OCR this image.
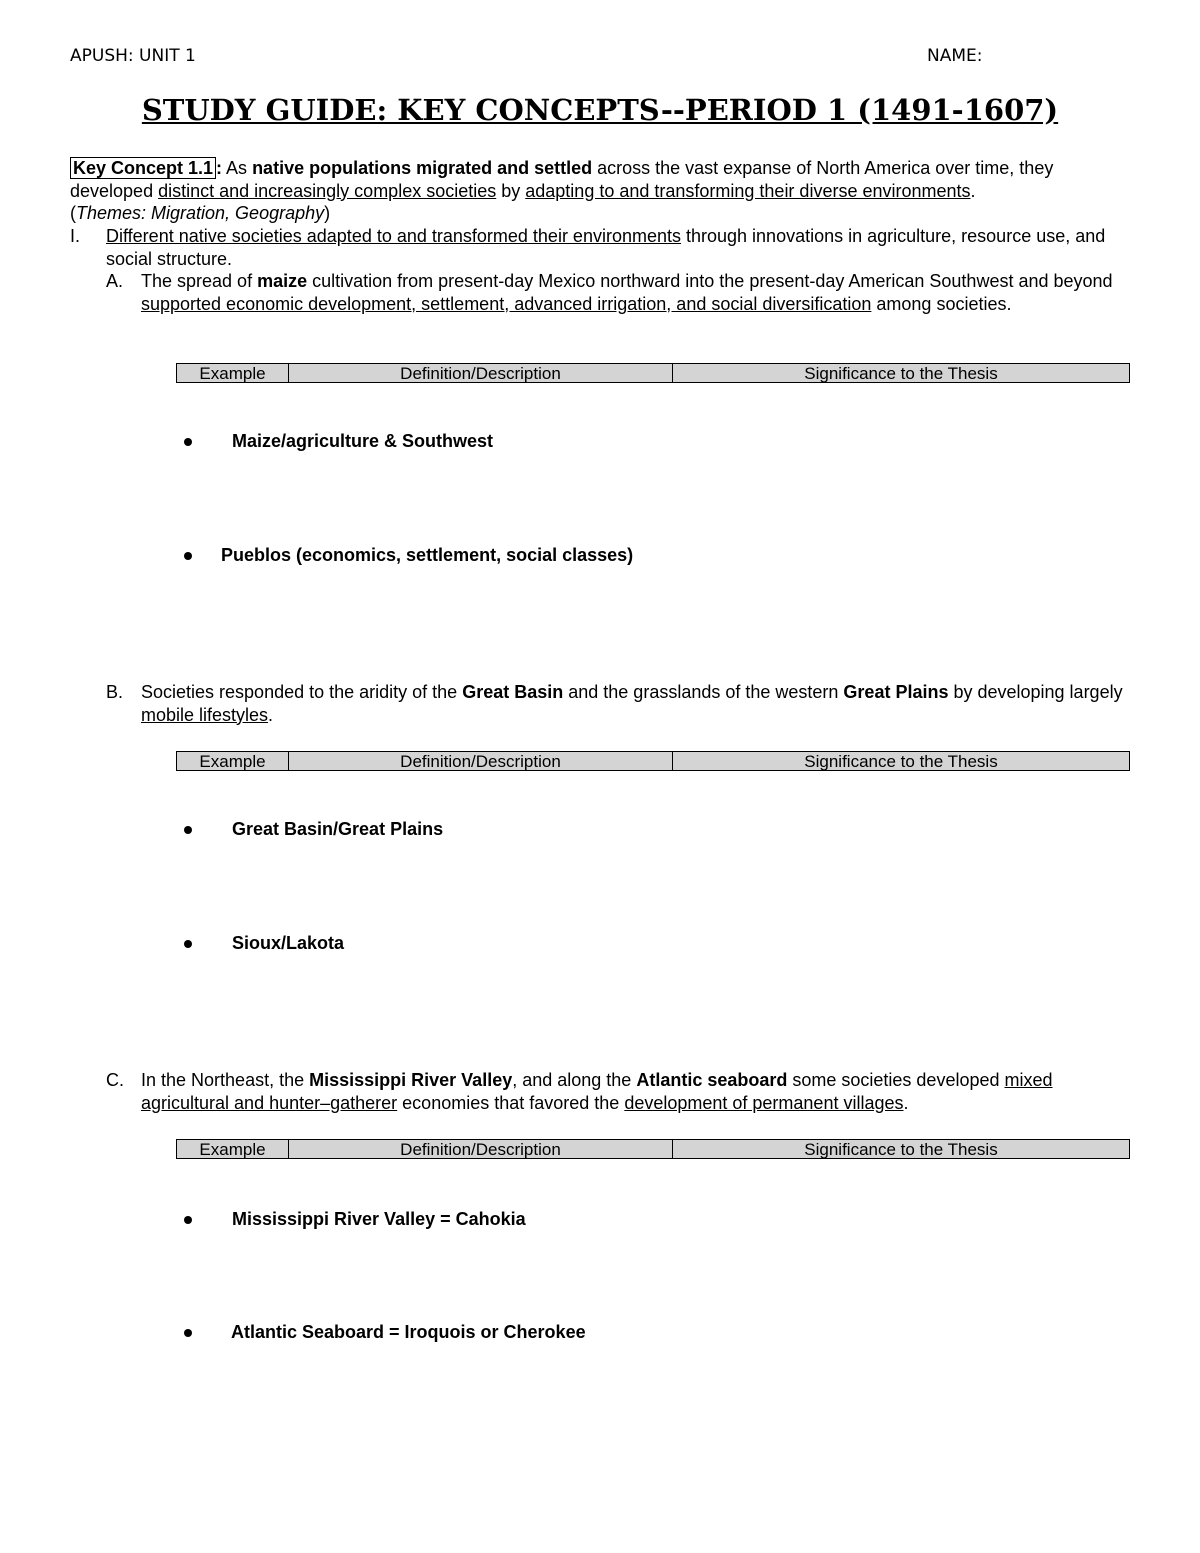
APUSH: UNIT 1	NAME:
STUDY GUIDE: KEY CONCEPTS--PERIOD 1 (1491-1607)
Key Concept 1.1 : As native populations migrated and settled across the vast expanse of North America over time, they developed distinct and increasingly complex societies by adapting to and transforming their diverse environments.
(Themes: Migration, Geography)
I. Different native societies adapted to and transformed their environments through innovations in agriculture, resource use, and social structure.
A. The spread of maize cultivation from present-day Mexico northward into the present-day American Southwest and beyond supported economic development, settlement, advanced irrigation, and social diversification among societies.
Example	Definition/Description	Significance to the Thesis
Maize/agriculture & Southwest
Pueblos (economics, settlement, social classes)
B. Societies responded to the aridity of the Great Basin and the grasslands of the western Great Plains by developing largely mobile lifestyles.
Example	Definition/Description	Significance to the Thesis
Great Basin/Great Plains
Sioux/Lakota
C. In the Northeast, the Mississippi River Valley, and along the Atlantic seaboard some societies developed mixed agricultural and hunter–gatherer economies that favored the development of permanent villages.
Example	Definition/Description	Significance to the Thesis
Mississippi River Valley = Cahokia
Atlantic Seaboard = Iroquois or Cherokee
